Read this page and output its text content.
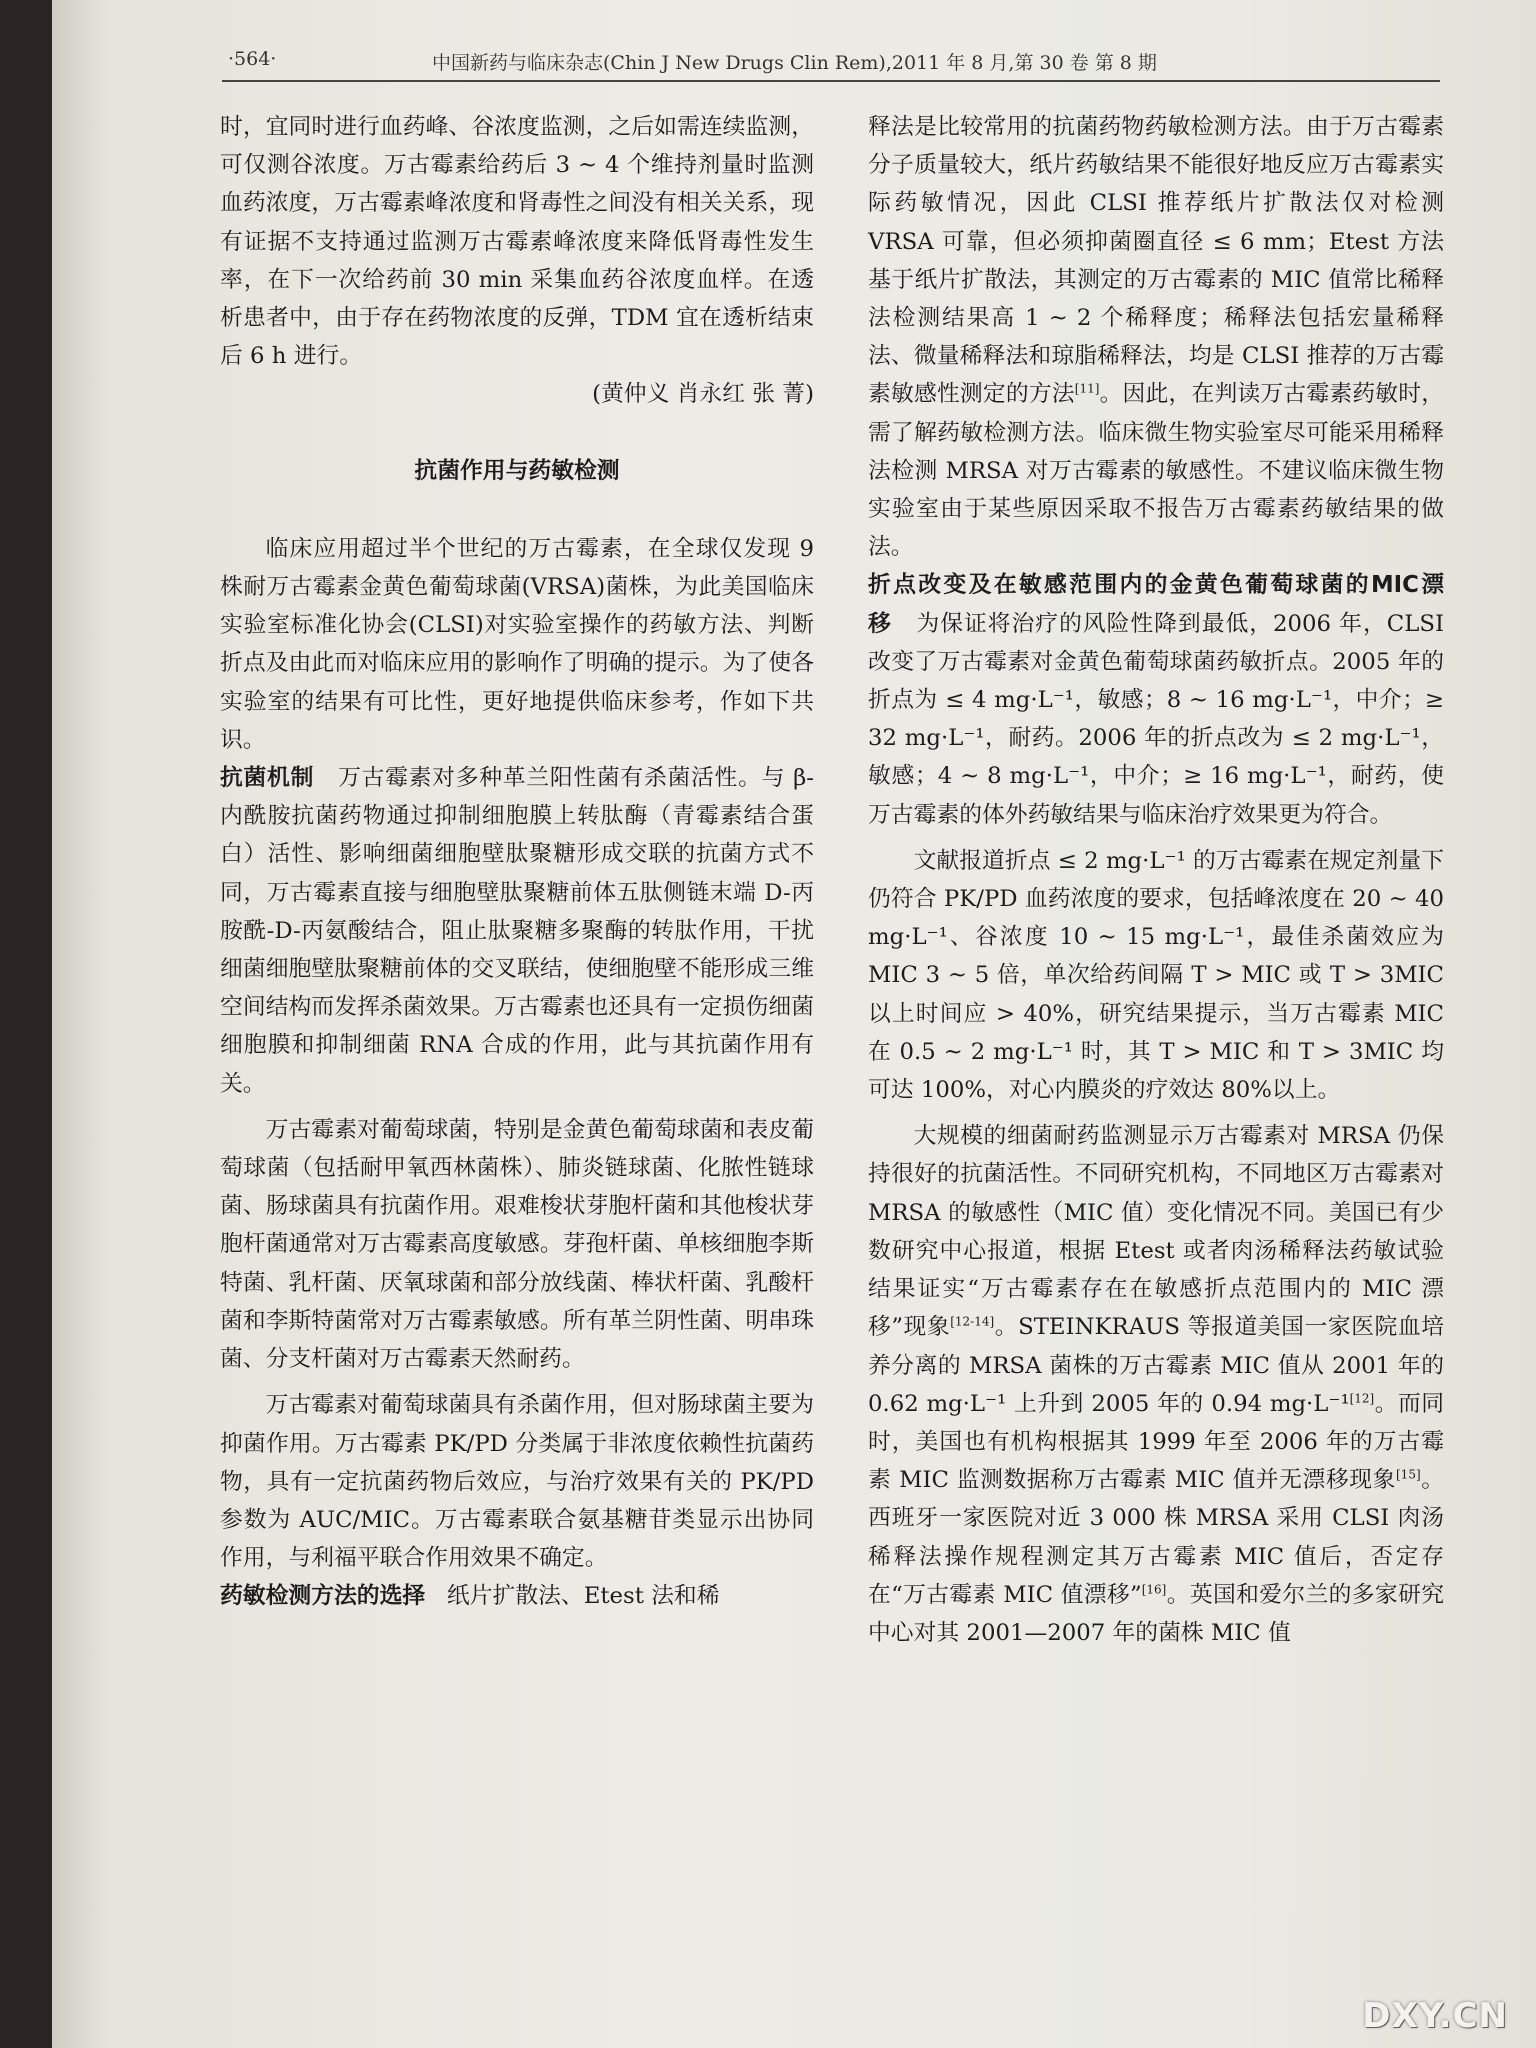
·564·	中国新药与临床杂志(Chin J New Drugs Clin Rem),2011 年 8 月,第 30 卷 第 8 期

时，宜同时进行血药峰、谷浓度监测，之后如需连续监测，可仅测谷浓度。万古霉素给药后 3 ~ 4 个维持剂量时监测血药浓度，万古霉素峰浓度和肾毒性之间没有相关关系，现有证据不支持通过监测万古霉素峰浓度来降低肾毒性发生率，在下一次给药前 30 min 采集血药谷浓度血样。在透析患者中，由于存在药物浓度的反弹，TDM 宜在透析结束后 6 h 进行。

(黄仲义 肖永红 张 菁)

抗菌作用与药敏检测

临床应用超过半个世纪的万古霉素，在全球仅发现 9 株耐万古霉素金黄色葡萄球菌(VRSA)菌株，为此美国临床实验室标准化协会(CLSI)对实验室操作的药敏方法、判断折点及由此而对临床应用的影响作了明确的提示。为了使各实验室的结果有可比性，更好地提供临床参考，作如下共识。

抗菌机制 万古霉素对多种革兰阳性菌有杀菌活性。与 β-内酰胺抗菌药物通过抑制细胞膜上转肽酶（青霉素结合蛋白）活性、影响细菌细胞壁肽聚糖形成交联的抗菌方式不同，万古霉素直接与细胞壁肽聚糖前体五肽侧链末端 D-丙胺酰-D-丙氨酸结合，阻止肽聚糖多聚酶的转肽作用，干扰细菌细胞壁肽聚糖前体的交叉联结，使细胞壁不能形成三维空间结构而发挥杀菌效果。万古霉素也还具有一定损伤细菌细胞膜和抑制细菌 RNA 合成的作用，此与其抗菌作用有关。

万古霉素对葡萄球菌，特别是金黄色葡萄球菌和表皮葡萄球菌（包括耐甲氧西林菌株）、肺炎链球菌、化脓性链球菌、肠球菌具有抗菌作用。艰难梭状芽胞杆菌和其他梭状芽胞杆菌通常对万古霉素高度敏感。芽孢杆菌、单核细胞李斯特菌、乳杆菌、厌氧球菌和部分放线菌、棒状杆菌、乳酸杆菌和李斯特菌常对万古霉素敏感。所有革兰阴性菌、明串珠菌、分支杆菌对万古霉素天然耐药。

万古霉素对葡萄球菌具有杀菌作用，但对肠球菌主要为抑菌作用。万古霉素 PK/PD 分类属于非浓度依赖性抗菌药物，具有一定抗菌药物后效应，与治疗效果有关的 PK/PD 参数为 AUC/MIC。万古霉素联合氨基糖苷类显示出协同作用，与利福平联合作用效果不确定。

药敏检测方法的选择 纸片扩散法、Etest 法和稀

释法是比较常用的抗菌药物药敏检测方法。由于万古霉素分子质量较大，纸片药敏结果不能很好地反应万古霉素实际药敏情况，因此 CLSI 推荐纸片扩散法仅对检测 VRSA 可靠，但必须抑菌圈直径 ≤ 6 mm；Etest 方法基于纸片扩散法，其测定的万古霉素的 MIC 值常比稀释法检测结果高 1 ~ 2 个稀释度；稀释法包括宏量稀释法、微量稀释法和琼脂稀释法，均是 CLSI 推荐的万古霉素敏感性测定的方法[11]。因此，在判读万古霉素药敏时，需了解药敏检测方法。临床微生物实验室尽可能采用稀释法检测 MRSA 对万古霉素的敏感性。不建议临床微生物实验室由于某些原因采取不报告万古霉素药敏结果的做法。

折点改变及在敏感范围内的金黄色葡萄球菌的MIC漂移 为保证将治疗的风险性降到最低，2006 年，CLSI 改变了万古霉素对金黄色葡萄球菌药敏折点。2005 年的折点为 ≤ 4 mg·L⁻¹，敏感；8 ~ 16 mg·L⁻¹，中介；≥ 32 mg·L⁻¹，耐药。2006 年的折点改为 ≤ 2 mg·L⁻¹，敏感；4 ~ 8 mg·L⁻¹，中介；≥ 16 mg·L⁻¹，耐药，使万古霉素的体外药敏结果与临床治疗效果更为符合。

文献报道折点 ≤ 2 mg·L⁻¹ 的万古霉素在规定剂量下仍符合 PK/PD 血药浓度的要求，包括峰浓度在 20 ~ 40 mg·L⁻¹、谷浓度 10 ~ 15 mg·L⁻¹，最佳杀菌效应为 MIC 3 ~ 5 倍，单次给药间隔 T > MIC 或 T > 3MIC 以上时间应 > 40%，研究结果提示，当万古霉素 MIC 在 0.5 ~ 2 mg·L⁻¹ 时，其 T > MIC 和 T > 3MIC 均可达 100%，对心内膜炎的疗效达 80%以上。

大规模的细菌耐药监测显示万古霉素对 MRSA 仍保持很好的抗菌活性。不同研究机构，不同地区万古霉素对 MRSA 的敏感性（MIC 值）变化情况不同。美国已有少数研究中心报道，根据 Etest 或者肉汤稀释法药敏试验结果证实“万古霉素存在在敏感折点范围内的 MIC 漂移”现象[12-14]。STEINKRAUS 等报道美国一家医院血培养分离的 MRSA 菌株的万古霉素 MIC 值从 2001 年的 0.62 mg·L⁻¹ 上升到 2005 年的 0.94 mg·L⁻¹[12]。而同时，美国也有机构根据其 1999 年至 2006 年的万古霉素 MIC 监测数据称万古霉素 MIC 值并无漂移现象[15]。西班牙一家医院对近 3 000 株 MRSA 采用 CLSI 肉汤稀释法操作规程测定其万古霉素 MIC 值后，否定存在“万古霉素 MIC 值漂移”[16]。英国和爱尔兰的多家研究中心对其 2001—2007 年的菌株 MIC 值

DXY.CN
